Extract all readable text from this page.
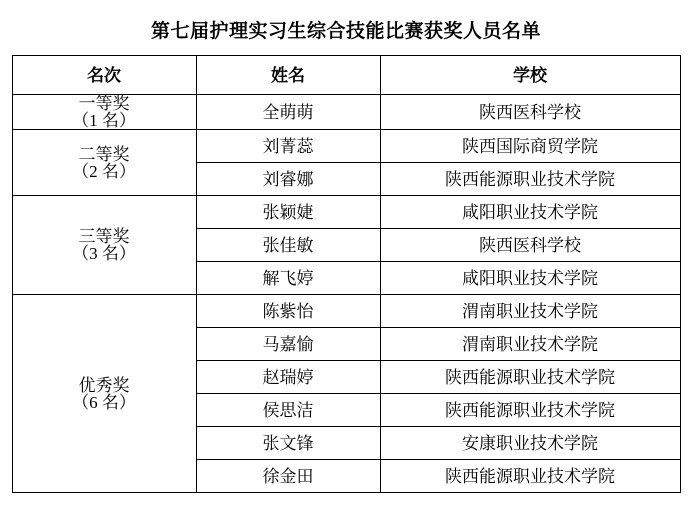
第七届护理实习生综合技能比赛获奖人员名单
名次	姓名	学校

一等奖
（1 名）	全萌萌	陕西医科学校

二等奖
（2 名）	刘菁蕊	陕西国际商贸学院
	刘睿娜	陕西能源职业技术学院

三等奖
（3 名）	张颖婕	咸阳职业技术学院
	张佳敏	陕西医科学校
	解飞婷	咸阳职业技术学院

优秀奖
（6 名）	陈紫怡	渭南职业技术学院
	马嘉愉	渭南职业技术学院
	赵瑞婷	陕西能源职业技术学院
	侯思洁	陕西能源职业技术学院
	张文锋	安康职业技术学院
	徐金田	陕西能源职业技术学院
